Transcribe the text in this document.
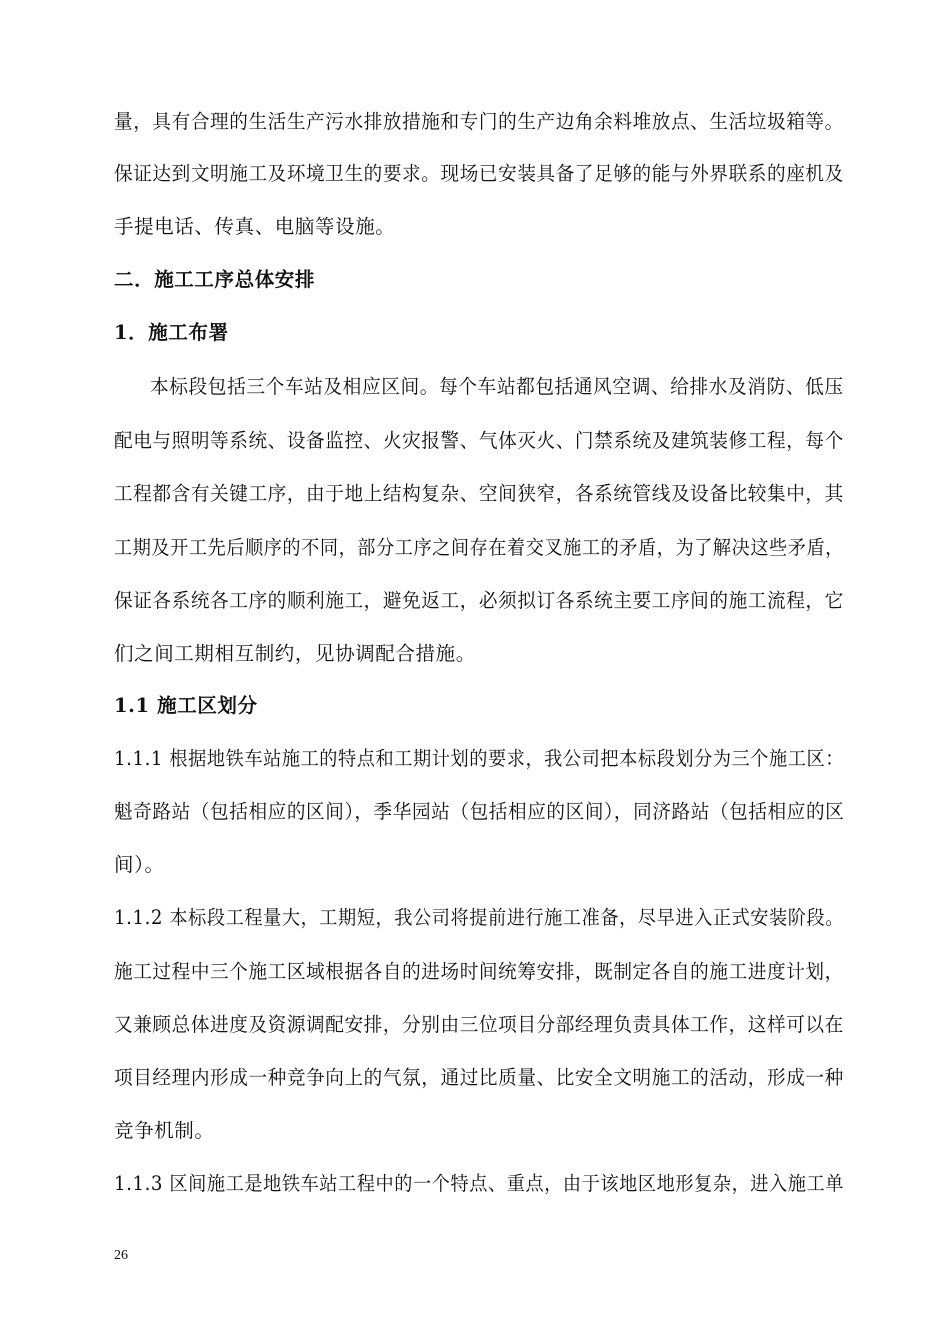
量，具有合理的生活生产污水排放措施和专门的生产边角余料堆放点、生活垃圾箱等。
保证达到文明施工及环境卫生的要求。现场已安装具备了足够的能与外界联系的座机及
手提电话、传真、电脑等设施。
二．施工工序总体安排
1．施工布署
本标段包括三个车站及相应区间。每个车站都包括通风空调、给排水及消防、低压
配电与照明等系统、设备监控、火灾报警、气体灭火、门禁系统及建筑装修工程，每个
工程都含有关键工序，由于地上结构复杂、空间狭窄，各系统管线及设备比较集中，其
工期及开工先后顺序的不同，部分工序之间存在着交叉施工的矛盾，为了解决这些矛盾，
保证各系统各工序的顺利施工，避免返工，必须拟订各系统主要工序间的施工流程，它
们之间工期相互制约，见协调配合措施。
1.1 施工区划分
1.1.1 根据地铁车站施工的特点和工期计划的要求，我公司把本标段划分为三个施工区：
魁奇路站（包括相应的区间），季华园站（包括相应的区间），同济路站（包括相应的区
间）。
1.1.2 本标段工程量大，工期短，我公司将提前进行施工准备，尽早进入正式安装阶段。
施工过程中三个施工区域根据各自的进场时间统筹安排，既制定各自的施工进度计划，
又兼顾总体进度及资源调配安排，分别由三位项目分部经理负责具体工作，这样可以在
项目经理内形成一种竞争向上的气氛，通过比质量、比安全文明施工的活动，形成一种
竞争机制。
1.1.3 区间施工是地铁车站工程中的一个特点、重点，由于该地区地形复杂，进入施工单
26
